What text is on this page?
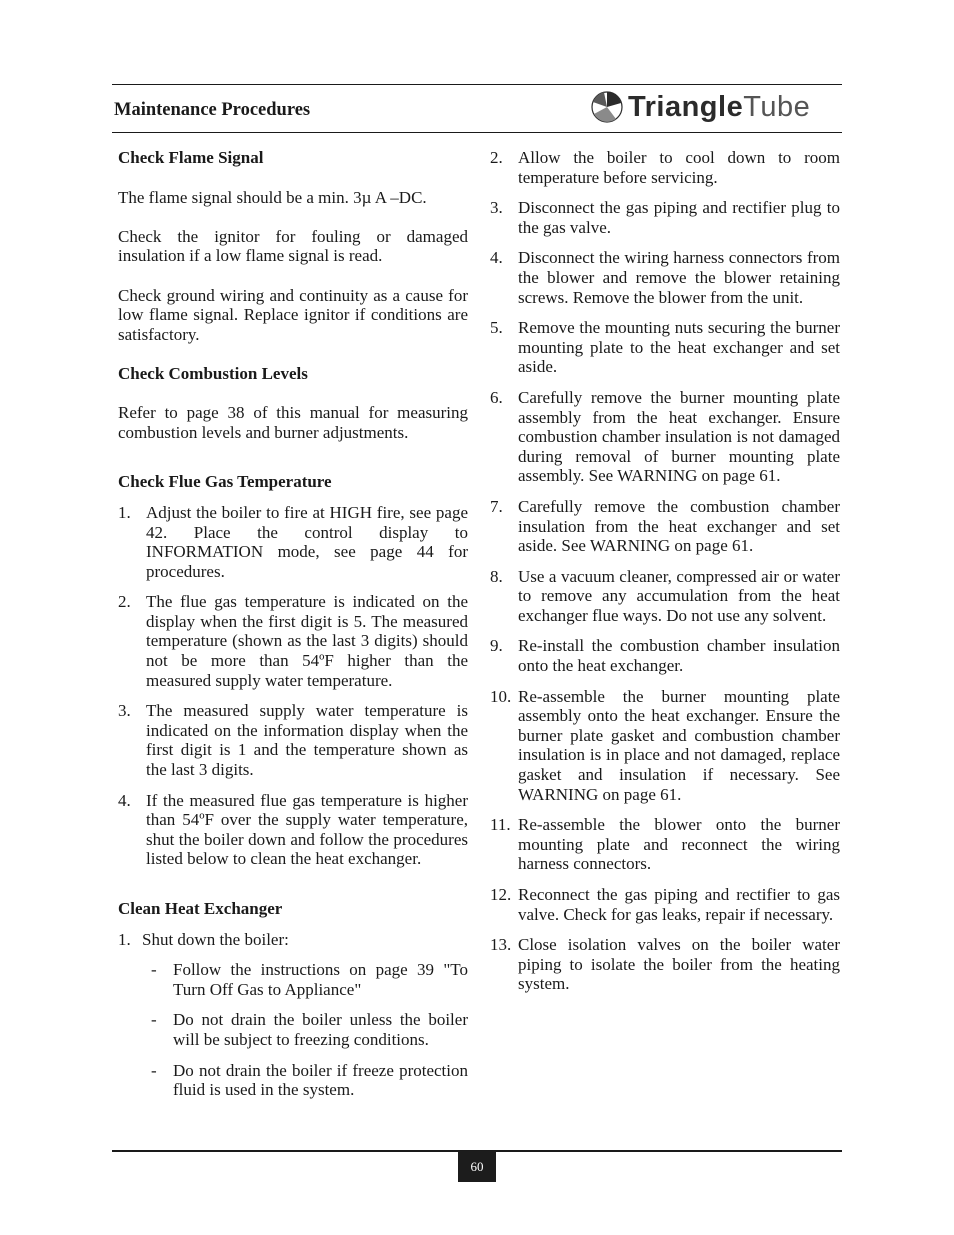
Maintenance Procedures	TriangleTube

Check Flame Signal

The flame signal should be a min. 3µ A –DC.

Check the ignitor for fouling or damaged insulation if a low flame signal is read.

Check ground wiring and continuity as a cause for low flame signal. Replace ignitor if conditions are satisfactory.

Check Combustion Levels

Refer to page 38 of this manual for measuring combustion levels and burner adjustments.

Check Flue Gas Temperature

1. Adjust the boiler to fire at HIGH fire, see page 42. Place the control display to INFORMATION mode, see page 44 for procedures.
2. The flue gas temperature is indicated on the display when the first digit is 5. The measured temperature (shown as the last 3 digits) should not be more than 54ºF higher than the measured supply water temperature.
3. The measured supply water temperature is indicated on the information display when the first digit is 1 and the temperature shown as the last 3 digits.
4. If the measured flue gas temperature is higher than 54ºF over the supply water temperature, shut the boiler down and follow the procedures listed below to clean the heat exchanger.

Clean Heat Exchanger

1. Shut down the boiler:
- Follow the instructions on page 39 "To Turn Off Gas to Appliance"
- Do not drain the boiler unless the boiler will be subject to freezing conditions.
- Do not drain the boiler if freeze protection fluid is used in the system.
2. Allow the boiler to cool down to room temperature before servicing.
3. Disconnect the gas piping and rectifier plug to the gas valve.
4. Disconnect the wiring harness connectors from the blower and remove the blower retaining screws. Remove the blower from the unit.
5. Remove the mounting nuts securing the burner mounting plate to the heat exchanger and set aside.
6. Carefully remove the burner mounting plate assembly from the heat exchanger. Ensure combustion chamber insulation is not damaged during removal of burner mounting plate assembly. See WARNING on page 61.
7. Carefully remove the combustion chamber insulation from the heat exchanger and set aside. See WARNING on page 61.
8. Use a vacuum cleaner, compressed air or water to remove any accumulation from the heat exchanger flue ways. Do not use any solvent.
9. Re-install the combustion chamber insulation onto the heat exchanger.
10. Re-assemble the burner mounting plate assembly onto the heat exchanger. Ensure the burner plate gasket and combustion chamber insulation is in place and not damaged, replace gasket and insulation if necessary. See WARNING on page 61.
11. Re-assemble the blower onto the burner mounting plate and reconnect the wiring harness connectors.
12. Reconnect the gas piping and rectifier to gas valve. Check for gas leaks, repair if necessary.
13. Close isolation valves on the boiler water piping to isolate the boiler from the heating system.
60
